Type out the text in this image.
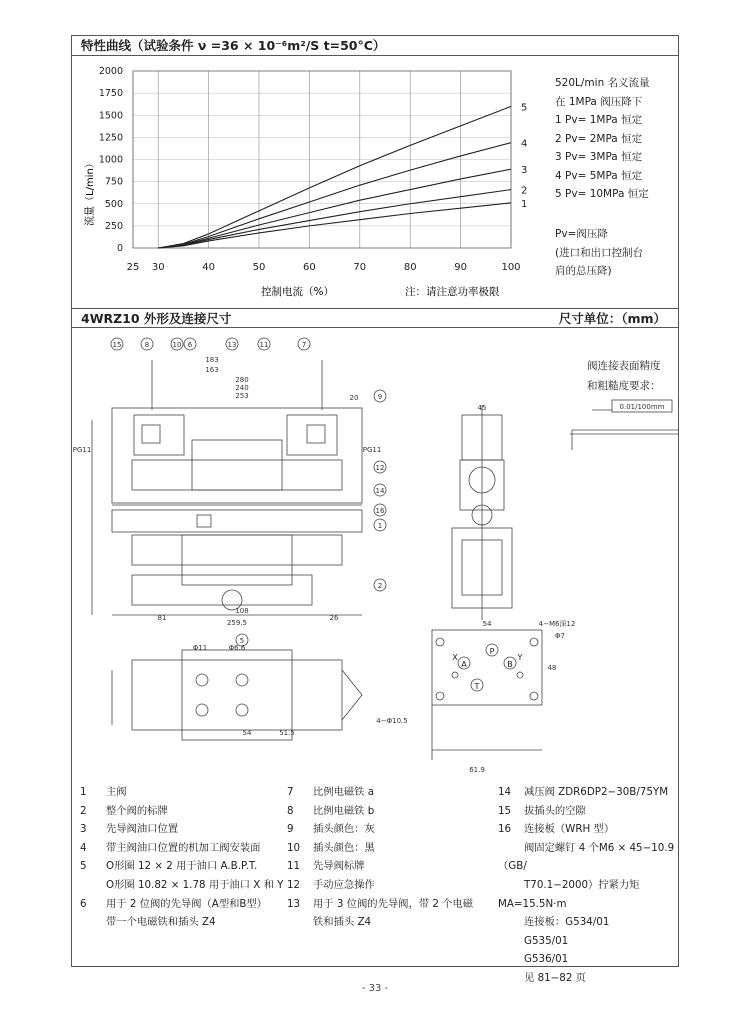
特性曲线（试验条件 ν =36 × 10⁻⁶m²/S t=50°C）
4WRZ10 外形及连接尺寸	尺寸单位：（mm）
1
2
3
4
5
25 30	40	50	60	70	80	90	100
0
250
500
750
1000
1250
1500
1750
2000
流量（L/min）
控制电流（%）	注：请注意功率极限
520L/min 名义流量
在 1MPa 阀压降下
1 Pv= 1MPa 恒定
2 Pv= 2MPa 恒定
3 Pv= 3MPa 恒定
4 Pv= 5MPa 恒定
5 Pv= 10MPa 恒定
Pv=阀压降
(进口和出口控制台
肩的总压降)
15	8	10 6	13	11	7
9
12
14
16
1
2
5
183
163
280
240
253	20
PG11	PG11
45
81
108
259.5
26
54	4−M6深12
Φ7
48
4−Φ10.5
61.9
Φ11	Φ6.6
54	51.5
0.01/100mm
A
P
B
T
X	Y
阀连接表面精度
和粗糙度要求：
1 主阀
2 整个阀的标牌
3 先导阀油口位置
4 带主阀油口位置的机加工阀安装面
5 O形圈 12 × 2 用于油口 A.B.P.T.
O形圈 10.82 × 1.78 用于油口 X 和 Y
6 用于 2 位阀的先导阀（A型和B型）
带一个电磁铁和插头 Z4
7 比例电磁铁 a
8 比例电磁铁 b
9 插头颜色：灰
10 插头颜色：黑
11 先导阀标牌
12 手动应急操作
13 用于 3 位阀的先导阀，带 2 个电磁
铁和插头 Z4
14 减压阀 ZDR6DP2−30B/75YM
15 拔插头的空隙
16 连接板（WRH 型）
阀固定螺钉 4 个M6 × 45−10.9（GB/
T70.1−2000）拧紧力矩MA=15.5N·m
连接板：G534/01
G535/01
G536/01
见 81−82 页
- 33 -
